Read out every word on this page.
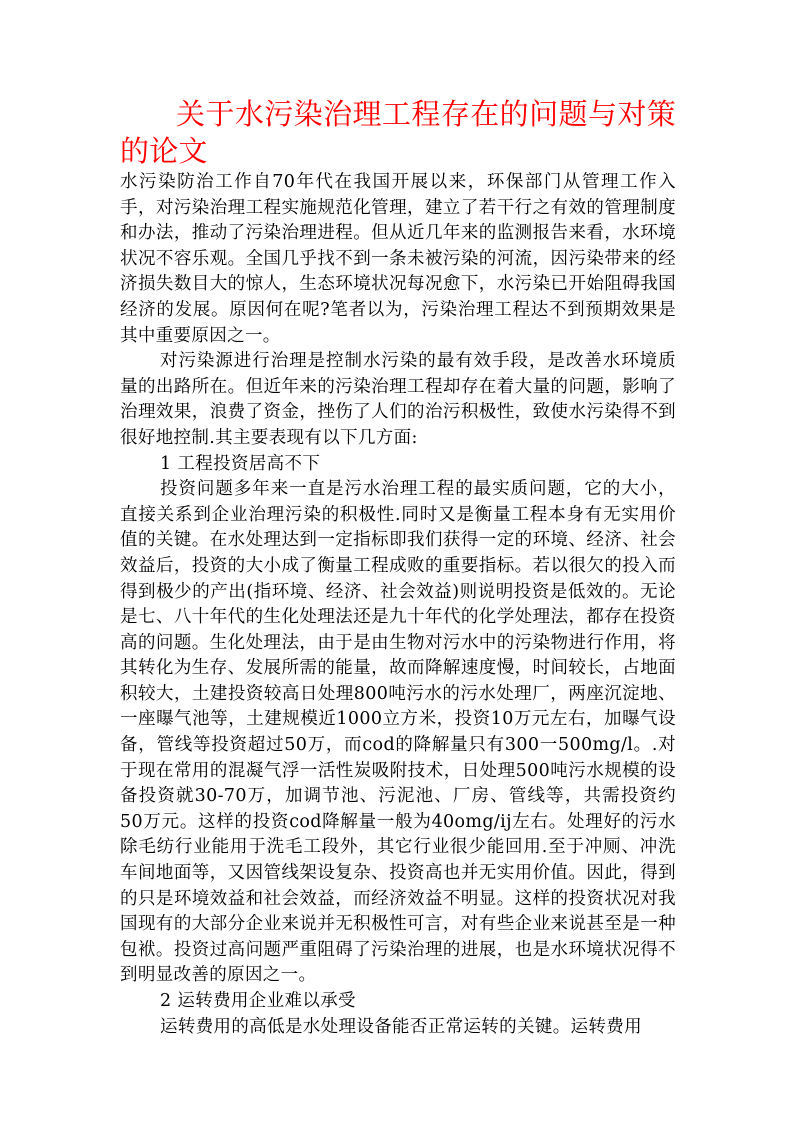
关于水污染治理工程存在的问题与对策的论文

水污染防治工作自70年代在我国开展以来，环保部门从管理工作入手，对污染治理工程实施规范化管理，建立了若干行之有效的管理制度和办法，推动了污染治理进程。但从近几年来的监测报告来看，水环境状况不容乐观。全国几乎找不到一条未被污染的河流，因污染带来的经济损失数目大的惊人，生态环境状况每况愈下，水污染已开始阻碍我国经济的发展。原因何在呢?笔者以为，污染治理工程达不到预期效果是其中重要原因之一。

对污染源进行治理是控制水污染的最有效手段，是改善水环境质量的出路所在。但近年来的污染治理工程却存在着大量的问题，影响了治理效果，浪费了资金，挫伤了人们的治污积极性，致使水污染得不到很好地控制.其主要表现有以下几方面:

1 工程投资居高不下

投资问题多年来一直是污水治理工程的最实质问题，它的大小，直接关系到企业治理污染的积极性.同时又是衡量工程本身有无实用价值的关键。在水处理达到一定指标即我们获得一定的环境、经济、社会效益后，投资的大小成了衡量工程成败的重要指标。若以很欠的投入而得到极少的产出(指环境、经济、社会效益)则说明投资是低效的。无论是七、八十年代的生化处理法还是九十年代的化学处理法，都存在投资高的问题。生化处理法，由于是由生物对污水中的污染物进行作用，将其转化为生存、发展所需的能量，故而降解速度慢，时间较长，占地面积较大，土建投资较高日处理800吨污水的污水处理厂，两座沉淀地、一座曝气池等，土建规模近1000立方米，投资10万元左右，加曝气设备，管线等投资超过50万，而cod的降解量只有300一500mg/l。.对于现在常用的混凝气浮一活性炭吸附技术，日处理500吨污水规模的设备投资就30-70万，加调节池、污泥池、厂房、管线等，共需投资约50万元。这样的投资cod降解量一般为40omg/ij左右。处理好的污水除毛纺行业能用于洗毛工段外，其它行业很少能回用.至于冲厕、冲洗车间地面等，又因管线架设复杂、投资高也并无实用价值。因此，得到的只是环境效益和社会效益，而经济效益不明显。这样的投资状况对我国现有的大部分企业来说并无积极性可言，对有些企业来说甚至是一种包袱。投资过高问题严重阻碍了污染治理的进展，也是水环境状况得不到明显改善的原因之一。

2 运转费用企业难以承受

运转费用的高低是水处理设备能否正常运转的关键。运转费用
